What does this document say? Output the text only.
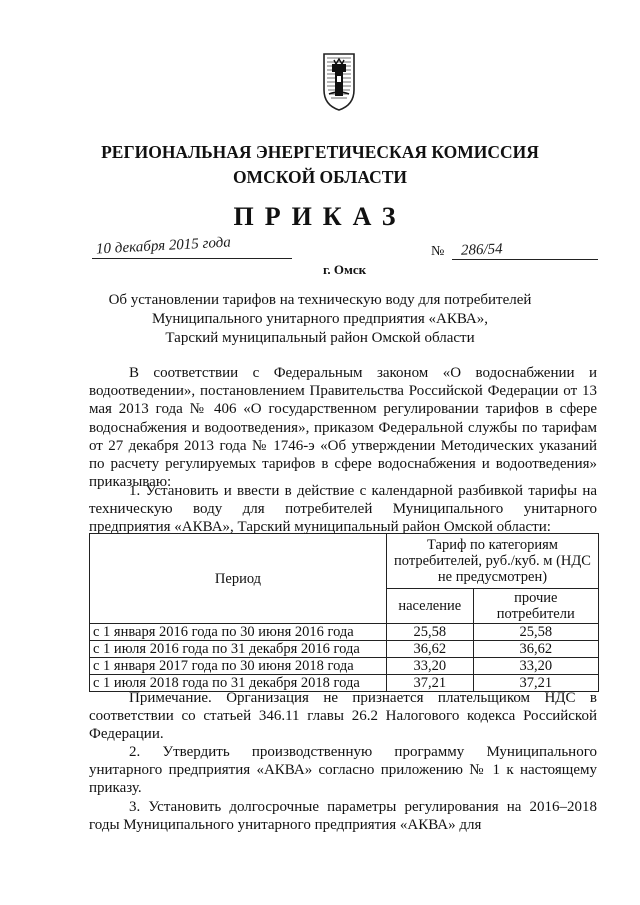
РЕГИОНАЛЬНАЯ ЭНЕРГЕТИЧЕСКАЯ КОМИССИЯ
ОМСКОЙ ОБЛАСТИ
ПРИКАЗ
10 декабря 2015 года	№ 286/54
г. Омск
Об установлении тарифов на техническую воду для потребителей
Муниципального унитарного предприятия «АКВА»,
Тарский муниципальный район Омской области
В соответствии с Федеральным законом «О водоснабжении и водоотведении», постановлением Правительства Российской Федерации от 13 мая 2013 года № 406 «О государственном регулировании тарифов в сфере водоснабжения и водоотведения», приказом Федеральной службы по тарифам от 27 декабря 2013 года № 1746-э «Об утверждении Методических указаний по расчету регулируемых тарифов в сфере водоснабжения и водоотведения» приказываю:
1. Установить и ввести в действие с календарной разбивкой тарифы на техническую воду для потребителей Муниципального унитарного предприятия «АКВА», Тарский муниципальный район Омской области:
Период	Тариф по категориям потребителей, руб./куб. м (НДС не предусмотрен)	
	население	прочие потребители
с 1 января 2016 года по 30 июня 2016 года	25,58	25,58
с 1 июля 2016 года по 31 декабря 2016 года	36,62	36,62
с 1 января 2017 года по 30 июня 2018 года	33,20	33,20
с 1 июля 2018 года по 31 декабря 2018 года	37,21	37,21
Примечание. Организация не признается плательщиком НДС в соответствии со статьей 346.11 главы 26.2 Налогового кодекса Российской Федерации.
2. Утвердить производственную программу Муниципального унитарного предприятия «АКВА» согласно приложению № 1 к настоящему приказу.
3. Установить долгосрочные параметры регулирования на 2016–2018 годы Муниципального унитарного предприятия «АКВА» для
